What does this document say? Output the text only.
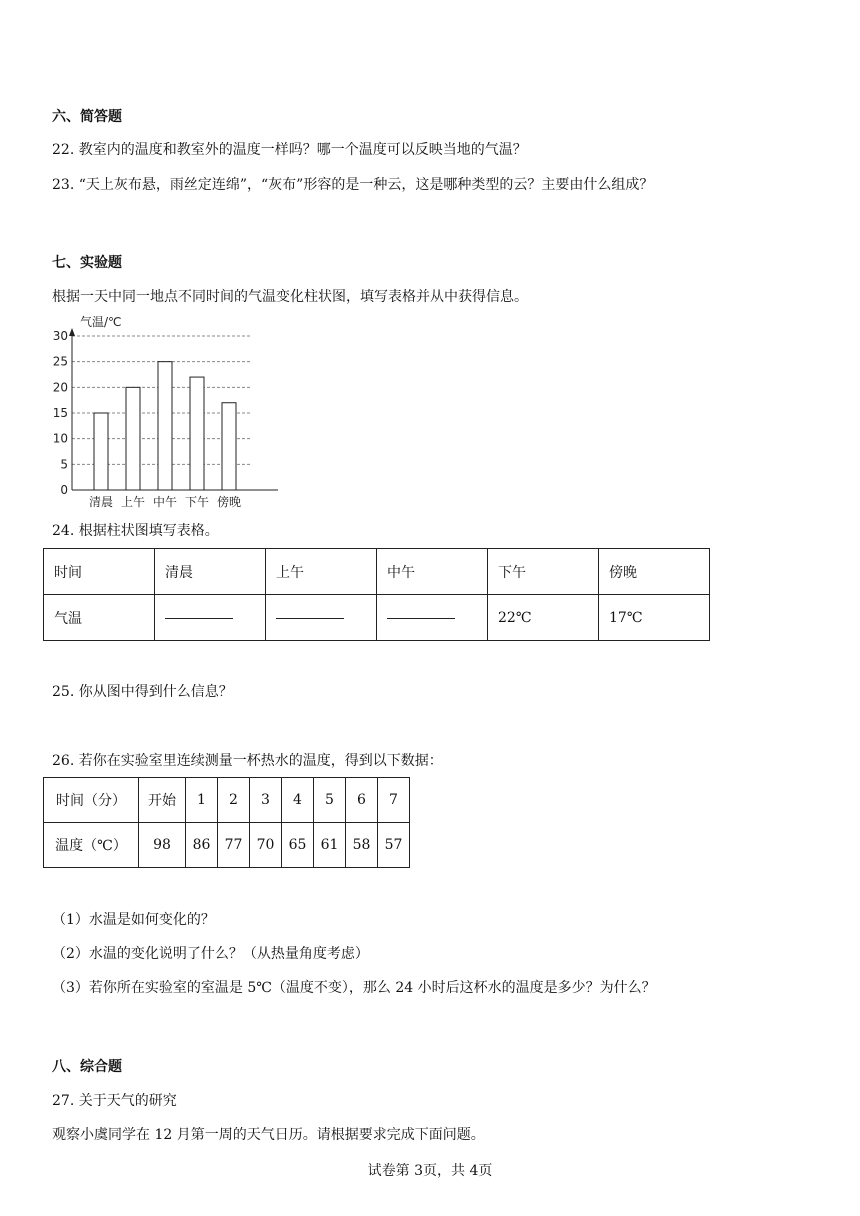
六、简答题
22. 教室内的温度和教室外的温度一样吗？哪一个温度可以反映当地的气温？
23. “天上灰布悬，雨丝定连绵”，“灰布”形容的是一种云，这是哪种类型的云？主要由什么组成？
七、实验题
根据一天中同一地点不同时间的气温变化柱状图，填写表格并从中获得信息。
0
5
10
15
20
25
30
清晨 上午 中午 下午 傍晚
气温/℃
24. 根据柱状图填写表格。
时间	清晨	上午	中午	下午	傍晚
气温				22℃	17℃
25. 你从图中得到什么信息？
26. 若你在实验室里连续测量一杯热水的温度，得到以下数据：
时间（分）	开始	1	2	3	4	5	6	7
温度（℃）	98	86	77	70	65	61	58	57
（1）水温是如何变化的？
（2）水温的变化说明了什么？（从热量角度考虑）
（3）若你所在实验室的室温是 5℃（温度不变），那么 24 小时后这杯水的温度是多少？为什么？
八、综合题
27. 关于天气的研究
观察小虞同学在 12 月第一周的天气日历。请根据要求完成下面问题。
试卷第 3页，共 4页
